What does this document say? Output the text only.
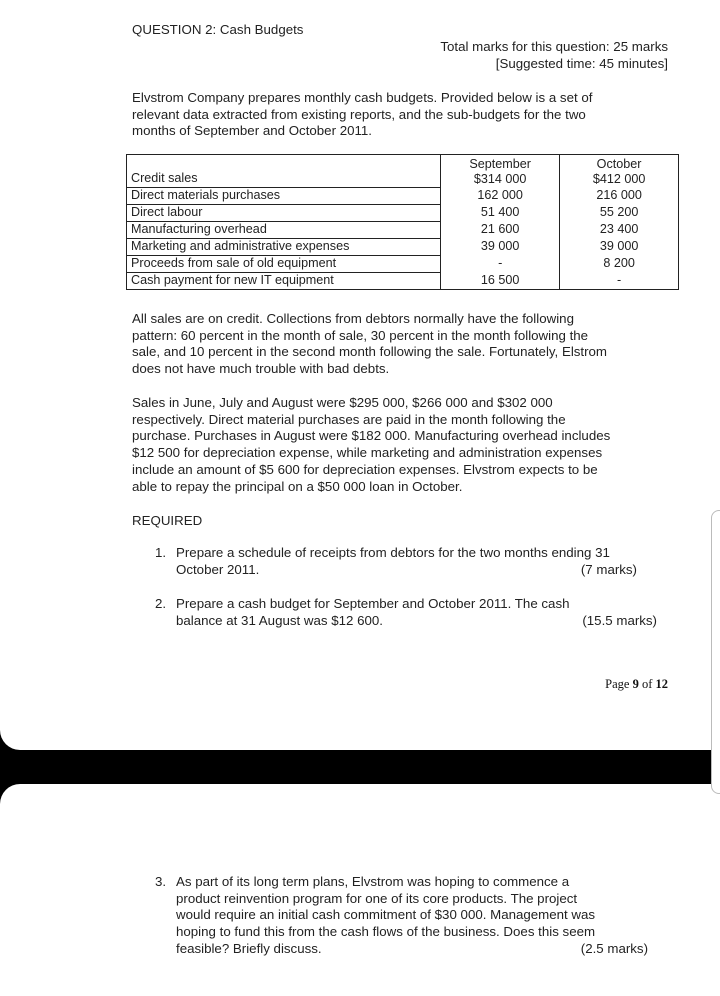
QUESTION 2: Cash Budgets
Total marks for this question: 25 marks
[Suggested time: 45 minutes]
Elvstrom Company prepares monthly cash budgets. Provided below is a set of
relevant data extracted from existing reports, and the sub-budgets for the two
months of September and October 2011.
	September	October
Credit sales	$314 000	$412 000
Direct materials purchases	162 000	216 000
Direct labour	51 400	55 200
Manufacturing overhead	21 600	23 400
Marketing and administrative expenses	39 000	39 000
Proceeds from sale of old equipment	-	8 200
Cash payment for new IT equipment	16 500	-
All sales are on credit. Collections from debtors normally have the following
pattern: 60 percent in the month of sale, 30 percent in the month following the
sale, and 10 percent in the second month following the sale. Fortunately, Elstrom
does not have much trouble with bad debts.
Sales in June, July and August were $295 000, $266 000 and $302 000
respectively. Direct material purchases are paid in the month following the
purchase. Purchases in August were $182 000. Manufacturing overhead includes
$12 500 for depreciation expense, while marketing and administration expenses
include an amount of $5 600 for depreciation expenses. Elvstrom expects to be
able to repay the principal on a $50 000 loan in October.
REQUIRED
1. Prepare a schedule of receipts from debtors for the two months ending 31
October 2011.	(7 marks)
2. Prepare a cash budget for September and October 2011. The cash
balance at 31 August was $12 600.	(15.5 marks)
Page 9 of 12
3. As part of its long term plans, Elvstrom was hoping to commence a
product reinvention program for one of its core products. The project
would require an initial cash commitment of $30 000. Management was
hoping to fund this from the cash flows of the business. Does this seem
feasible? Briefly discuss.	(2.5 marks)
